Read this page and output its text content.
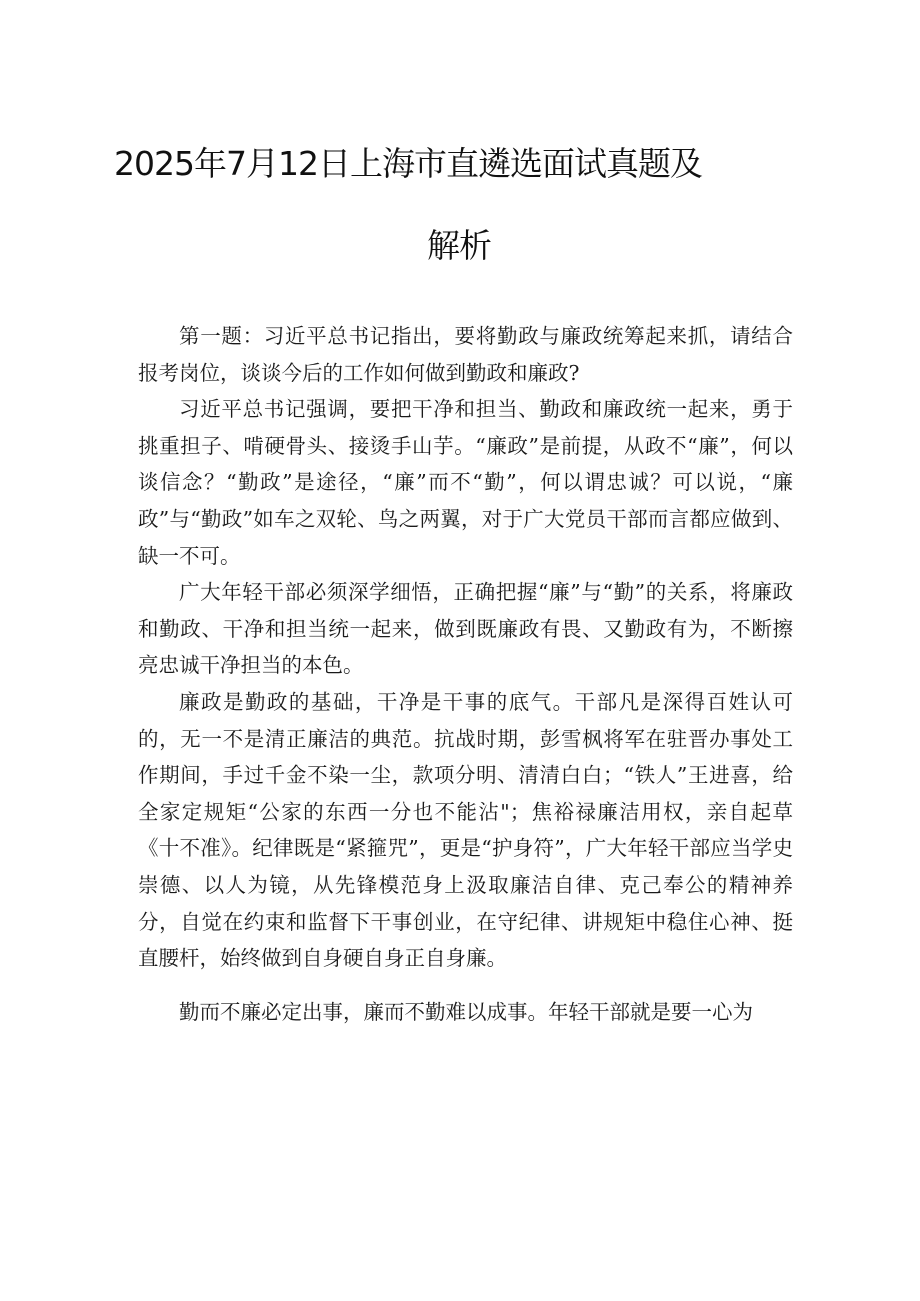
2025年7月12日上海市直遴选面试真题及
解析

第一题：习近平总书记指出，要将勤政与廉政统筹起来抓，请结合报考岗位，谈谈今后的工作如何做到勤政和廉政?

习近平总书记强调，要把干净和担当、勤政和廉政统一起来，勇于挑重担子、啃硬骨头、接烫手山芋。“廉政”是前提，从政不“廉”，何以谈信念？“勤政”是途径，“廉”而不“勤”，何以谓忠诚？可以说，“廉政”与“勤政”如车之双轮、鸟之两翼，对于广大党员干部而言都应做到、缺一不可。

广大年轻干部必须深学细悟，正确把握“廉”与“勤”的关系，将廉政和勤政、干净和担当统一起来，做到既廉政有畏、又勤政有为，不断擦亮忠诚干净担当的本色。

廉政是勤政的基础，干净是干事的底气。干部凡是深得百姓认可的，无一不是清正廉洁的典范。抗战时期，彭雪枫将军在驻晋办事处工作期间，手过千金不染一尘，款项分明、清清白白；“铁人”王进喜，给全家定规矩“公家的东西一分也不能沾"；焦裕禄廉洁用权，亲自起草《十不准》。纪律既是“紧箍咒”，更是“护身符”，广大年轻干部应当学史崇德、以人为镜，从先锋模范身上汲取廉洁自律、克己奉公的精神养分，自觉在约束和监督下干事创业，在守纪律、讲规矩中稳住心神、挺直腰杆，始终做到自身硬自身正自身廉。

勤而不廉必定出事，廉而不勤难以成事。年轻干部就是要一心为
